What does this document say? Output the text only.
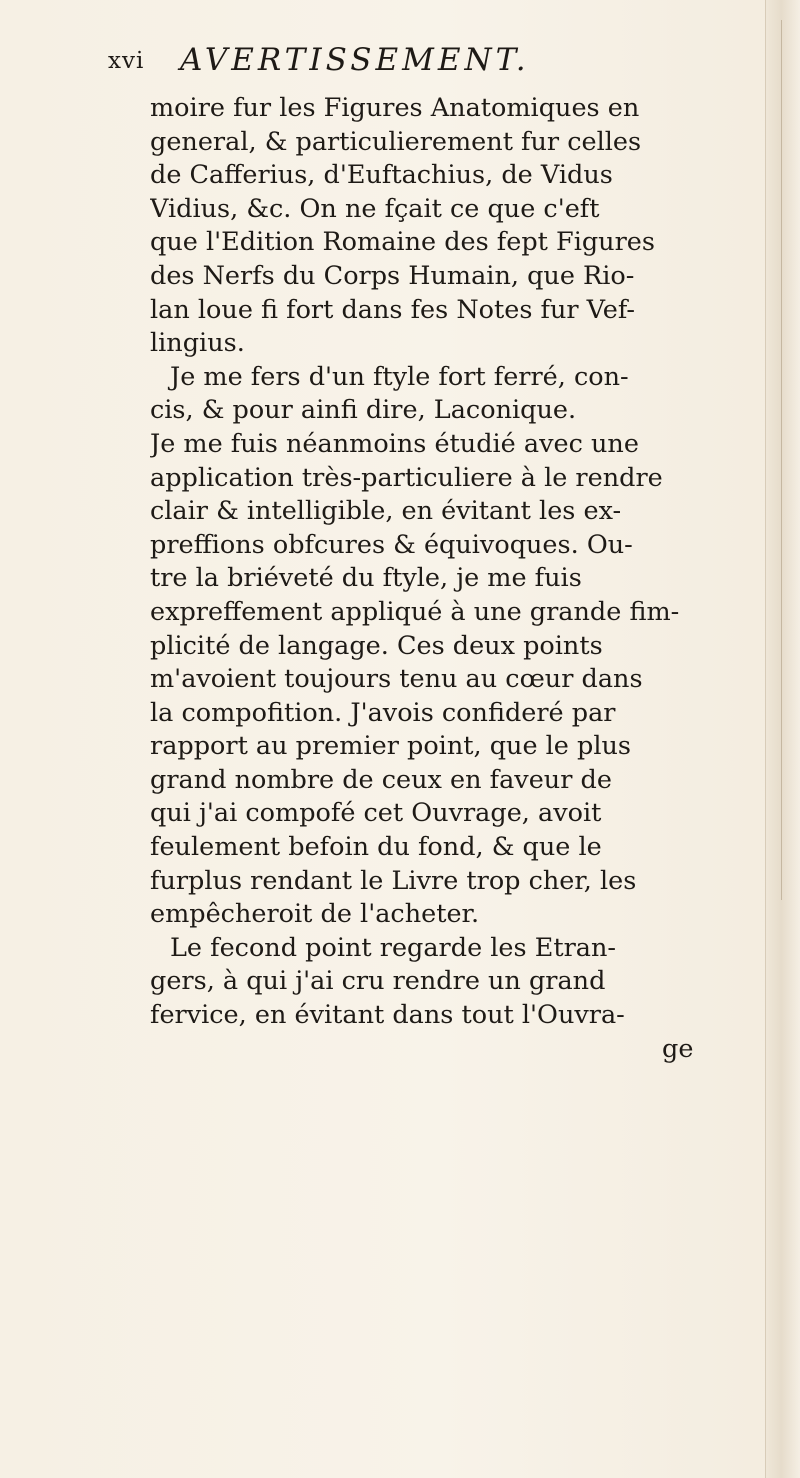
xvi AVERTISSEMENT.
moire fur les Figures Anatomiques en
general, & particulierement fur celles
de Cafferius, d'Euftachius, de Vidus
Vidius, &c. On ne fçait ce que c'eft
que l'Edition Romaine des fept Figures
des Nerfs du Corps Humain, que Rio-
lan loue fi fort dans fes Notes fur Vef-
lingius.
Je me fers d'un ftyle fort ferré, con-
cis, & pour ainfi dire, Laconique.
Je me fuis néanmoins étudié avec une
application très-particuliere à le rendre
clair & intelligible, en évitant les ex-
preffions obfcures & équivoques. Ou-
tre la briéveté du ftyle, je me fuis
expreffement appliqué à une grande fim-
plicité de langage. Ces deux points
m'avoient toujours tenu au cœur dans
la compofition. J'avois confideré par
rapport au premier point, que le plus
grand nombre de ceux en faveur de
qui j'ai compofé cet Ouvrage, avoit
feulement befoin du fond, & que le
furplus rendant le Livre trop cher, les
empêcheroit de l'acheter.
Le fecond point regarde les Etran-
gers, à qui j'ai cru rendre un grand
fervice, en évitant dans tout l'Ouvra-
ge
